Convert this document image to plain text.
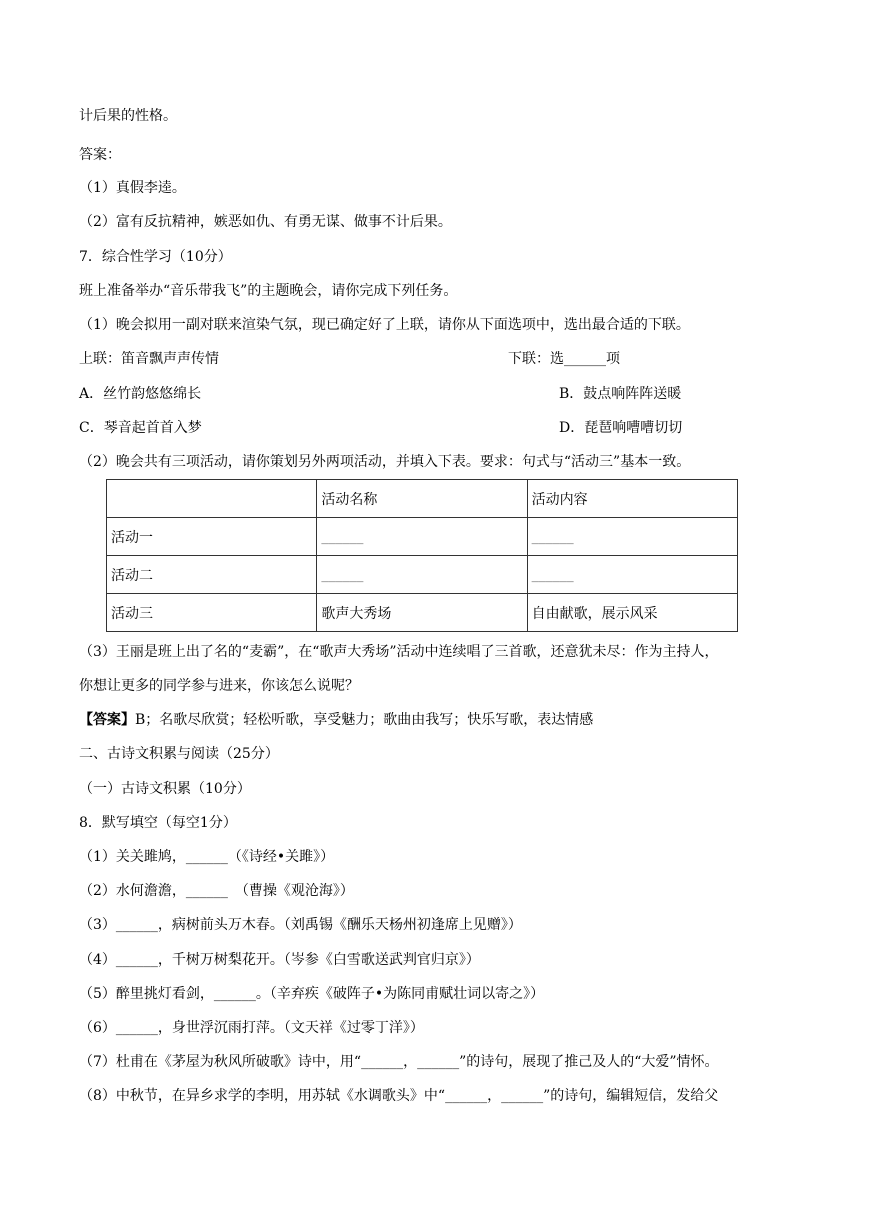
计后果的性格。
答案：
（1）真假李逵。
（2）富有反抗精神，嫉恶如仇、有勇无谋、做事不计后果。
7．综合性学习（10分）
班上准备举办“音乐带我飞”的主题晚会，请你完成下列任务。
（1）晚会拟用一副对联来渲染气氛，现已确定好了上联，请你从下面选项中，选出最合适的下联。
上联：笛音飘声声传情	下联：选______项
A．丝竹韵悠悠绵长	B．鼓点响阵阵送暖
C．琴音起首首入梦	D．琵琶响嘈嘈切切
（2）晚会共有三项活动，请你策划另外两项活动，并填入下表。要求：句式与“活动三”基本一致。
	活动名称	活动内容
活动一	______	______
活动二	______	______
活动三	歌声大秀场	自由献歌，展示风采
（3）王丽是班上出了名的“麦霸”，在“歌声大秀场”活动中连续唱了三首歌，还意犹未尽：作为主持人，
你想让更多的同学参与进来，你该怎么说呢？
【答案】B；名歌尽欣赏；轻松听歌，享受魅力；歌曲由我写；快乐写歌，表达情感
二、古诗文积累与阅读（25分）
（一）古诗文积累（10分）
8．默写填空（每空1分）
（1）关关雎鸠，______（《诗经•关雎》）
（2）水何澹澹，______　（曹操《观沧海》）
（3）______，病树前头万木春。（刘禹锡《酬乐天杨州初逢席上见赠》）
（4）______，千树万树梨花开。（岑参《白雪歌送武判官归京》）
（5）醉里挑灯看剑，______。（辛弃疾《破阵子•为陈同甫赋壮词以寄之》）
（6）______，身世浮沉雨打萍。（文天祥《过零丁洋》）
（7）杜甫在《茅屋为秋风所破歌》诗中，用“______，______”的诗句，展现了推己及人的“大爱”情怀。
（8）中秋节，在异乡求学的李明，用苏轼《水调歌头》中“______，______”的诗句，编辑短信，发给父
